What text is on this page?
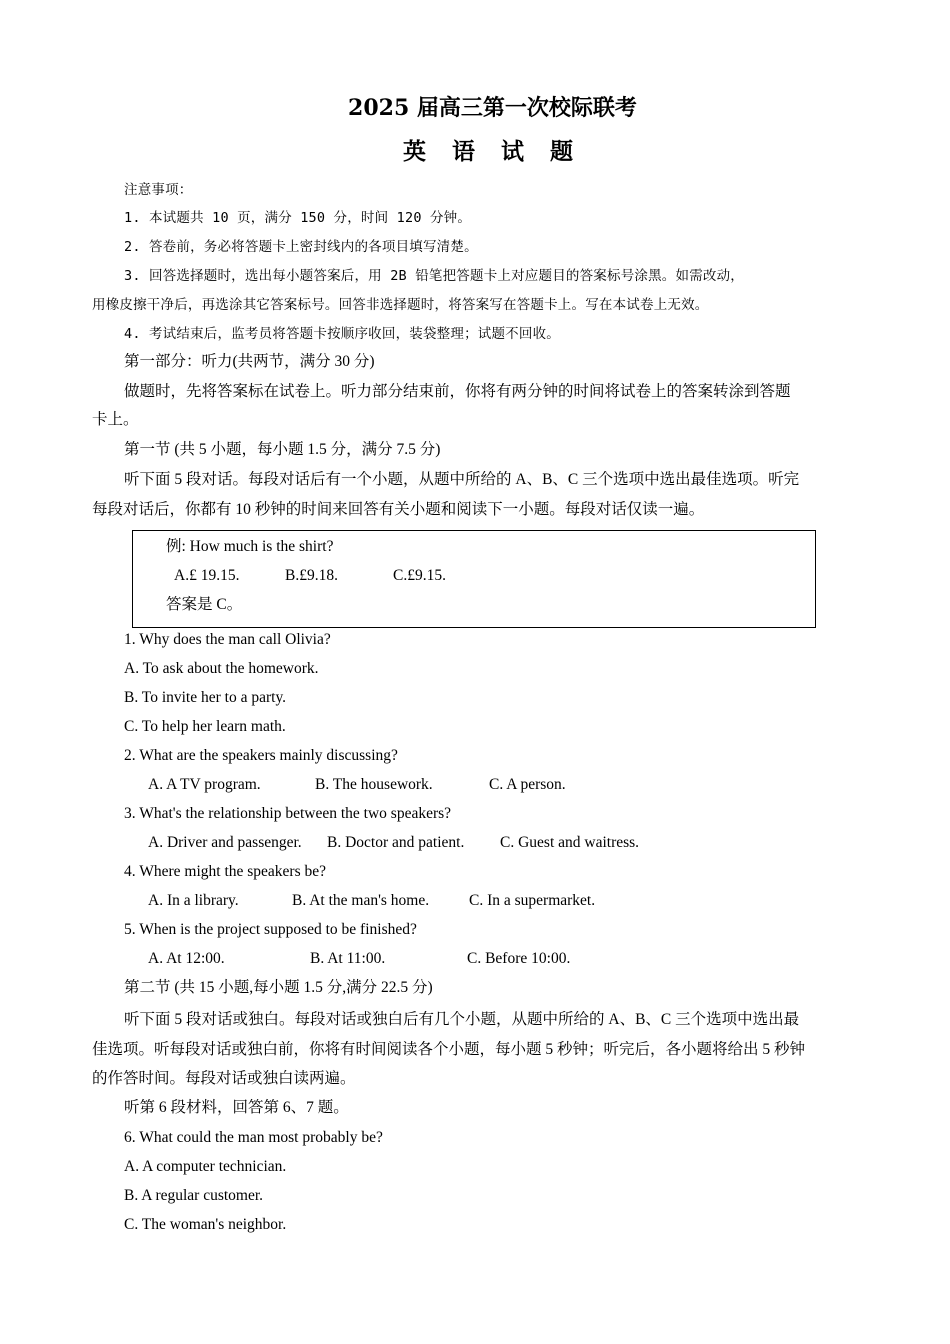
2025 届高三第一次校际联考
英 语 试 题
注意事项：
1. 本试题共 10 页，满分 150 分，时间 120 分钟。
2. 答卷前，务必将答题卡上密封线内的各项目填写清楚。
3. 回答选择题时，选出每小题答案后，用 2B 铅笔把答题卡上对应题目的答案标号涂黑。如需改动，
用橡皮擦干净后，再选涂其它答案标号。回答非选择题时，将答案写在答题卡上。写在本试卷上无效。
4. 考试结束后，监考员将答题卡按顺序收回，装袋整理；试题不回收。
第一部分：听力(共两节，满分 30 分)
做题时，先将答案标在试卷上。听力部分结束前，你将有两分钟的时间将试卷上的答案转涂到答题
卡上。
第一节 (共 5 小题，每小题 1.5 分，满分 7.5 分)
听下面 5 段对话。每段对话后有一个小题，从题中所给的 A、B、C 三个选项中选出最佳选项。听完
每段对话后，你都有 10 秒钟的时间来回答有关小题和阅读下一小题。每段对话仅读一遍。
例: How much is the shirt?
A.£ 19.15.	B.£9.18.	C.£9.15.
答案是 C。
1. Why does the man call Olivia?
A. To ask about the homework.
B. To invite her to a party.
C. To help her learn math.
2. What are the speakers mainly discussing?
A. A TV program.	B. The housework.	C. A person.
3. What's the relationship between the two speakers?
A. Driver and passenger. B. Doctor and patient. C. Guest and waitress.
4. Where might the speakers be?
A. In a library.	B. At the man's home.	C. In a supermarket.
5. When is the project supposed to be finished?
A. At 12:00.	B. At 11:00.	C. Before 10:00.
第二节 (共 15 小题,每小题 1.5 分,满分 22.5 分)
听下面 5 段对话或独白。每段对话或独白后有几个小题，从题中所给的 A、B、C 三个选项中选出最
佳选项。听每段对话或独白前，你将有时间阅读各个小题，每小题 5 秒钟；听完后，各小题将给出 5 秒钟
的作答时间。每段对话或独白读两遍。
听第 6 段材料，回答第 6、7 题。
6. What could the man most probably be?
A. A computer technician.
B. A regular customer.
C. The woman's neighbor.
